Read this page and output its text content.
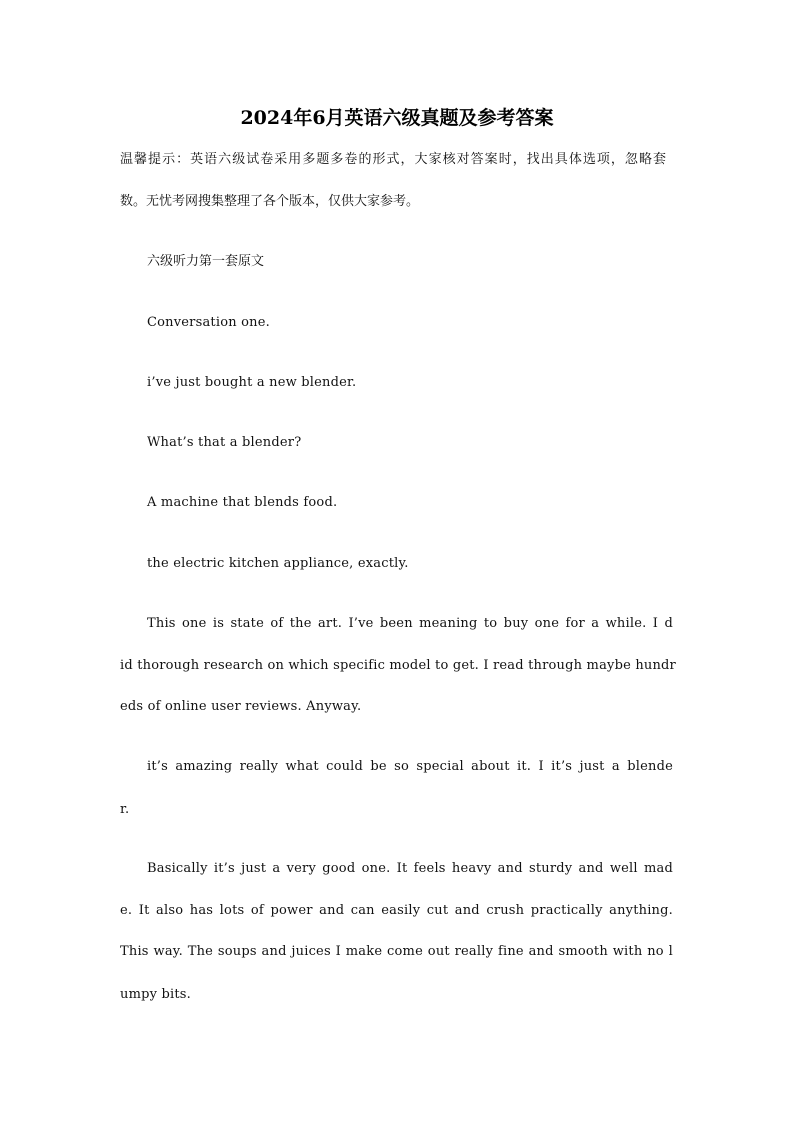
2024年6月英语六级真题及参考答案

温馨提示：英语六级试卷采用多题多卷的形式，大家核对答案时，找出具体选项，忽略套

数。无忧考网搜集整理了各个版本，仅供大家参考。

六级听力第一套原文

Conversation one.

i’ve just bought a new blender.

What’s that a blender?

A machine that blends food.

the electric kitchen appliance, exactly.

This one is state of the art. I’ve been meaning to buy one for a while. I d

id thorough research on which specific model to get. I read through maybe hundr

eds of online user reviews. Anyway.

it’s amazing really what could be so special about it. I it’s just a blende

r.

Basically it’s just a very good one. It feels heavy and sturdy and well mad

e. It also has lots of power and can easily cut and crush practically anything.

This way. The soups and juices I make come out really fine and smooth with no l

umpy bits.
